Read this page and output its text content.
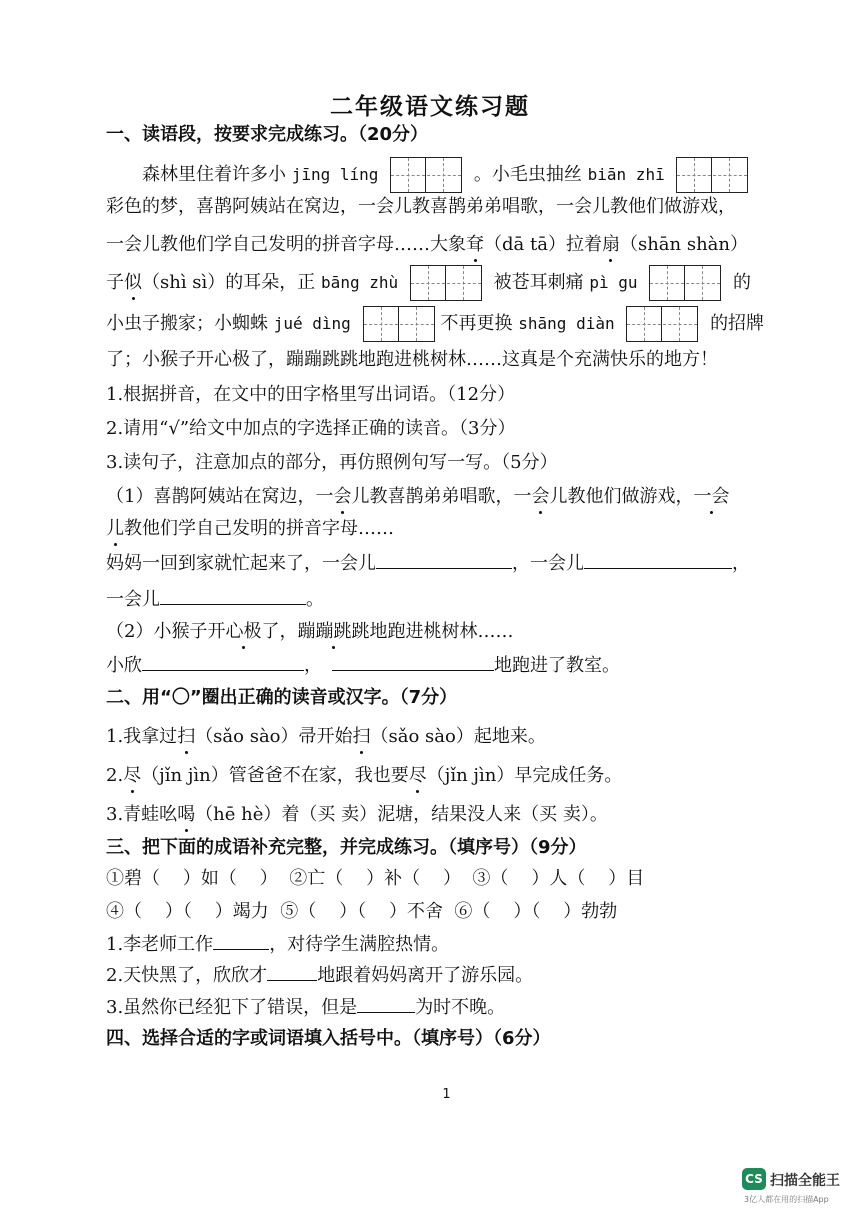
二年级语文练习题
一、读语段，按要求完成练习。（20分）
森林里住着许多小 jīng líng	。小毛虫抽丝 biān zhī
彩色的梦，喜鹊阿姨站在窝边，一会儿教喜鹊弟弟唱歌，一会儿教他们做游戏，
一会儿教他们学自己发明的拼音字母……大象耷（dā tā）拉着扇（shān shàn）
子似（shì sì）的耳朵，正 bāng zhù	被苍耳刺痛 pì gu	的
小虫子搬家；小蜘蛛 jué dìng	不再更换 shāng diàn	的招牌
了；小猴子开心极了，蹦蹦跳跳地跑进桃树林……这真是个充满快乐的地方！
1.根据拼音，在文中的田字格里写出词语。（12分）
2.请用“√”给文中加点的字选择正确的读音。（3分）
3.读句子，注意加点的部分，再仿照例句写一写。（5分）
（1）喜鹊阿姨站在窝边，一会儿教喜鹊弟弟唱歌，一会儿教他们做游戏，一会
儿教他们学自己发明的拼音字母……
妈妈一回到家就忙起来了，一会儿	，一会儿	，
一会儿	。
（2）小猴子开心极了，蹦蹦跳跳地跑进桃树林……
小欣	，	地跑进了教室。
二、用“〇”圈出正确的读音或汉字。（7分）
1.我拿过扫（sǎo sào）帚开始扫（sǎo sào）起地来。
2.尽（jǐn jìn）管爸爸不在家，我也要尽（jǐn jìn）早完成任务。
3.青蛙吆喝（hē hè）着（买 卖）泥塘，结果没人来（买 卖）。
三、把下面的成语补充完整，并完成练习。（填序号）（9分）
①碧（    ）如（    ）  ②亡（    ）补（    ）  ③（    ）人（    ）目
④（    ）（    ）竭力  ⑤（    ）（    ）不舍  ⑥（    ）（    ）勃勃
1.李老师工作	，对待学生满腔热情。
2.天快黑了，欣欣才	地跟着妈妈离开了游乐园。
3.虽然你已经犯下了错误，但是	为时不晚。
四、选择合适的字或词语填入括号中。（填序号）（6分）
1
CS 扫描全能王
3亿人都在用的扫描App
